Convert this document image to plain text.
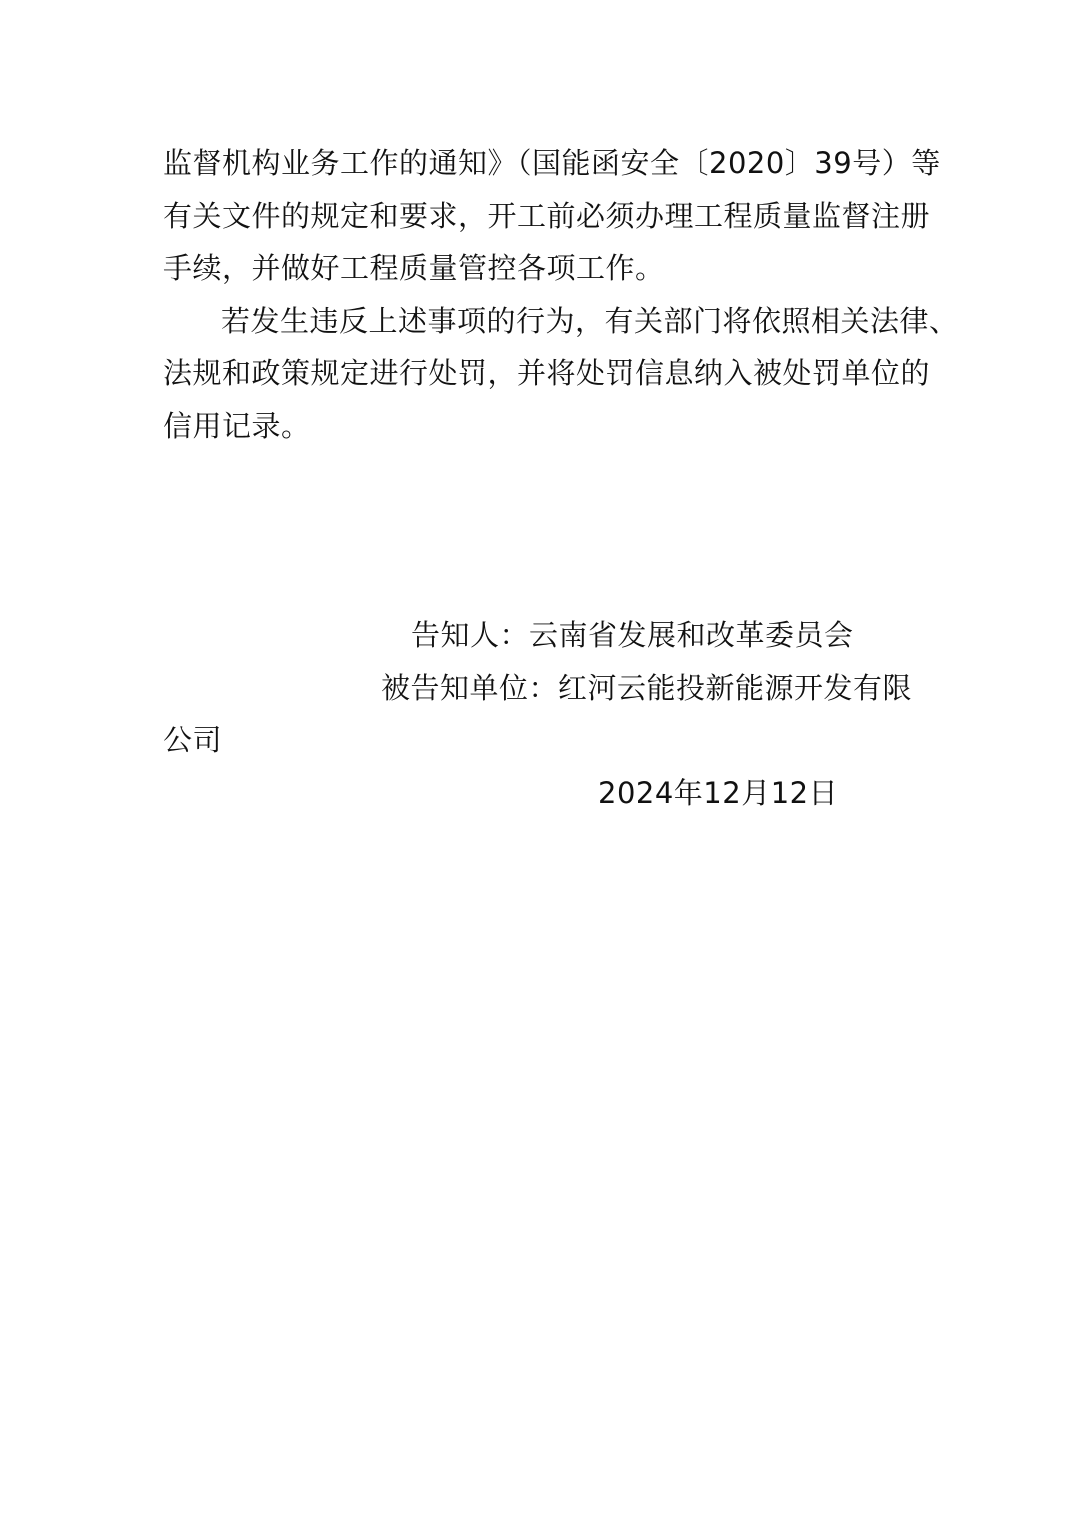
监督机构业务工作的通知》（国能函安全〔2020〕39号）等
有关文件的规定和要求，开工前必须办理工程质量监督注册
手续，并做好工程质量管控各项工作。
若发生违反上述事项的行为，有关部门将依照相关法律、
法规和政策规定进行处罚，并将处罚信息纳入被处罚单位的
信用记录。
告知人：云南省发展和改革委员会
被告知单位：红河云能投新能源开发有限
公司
2024年12月12日
